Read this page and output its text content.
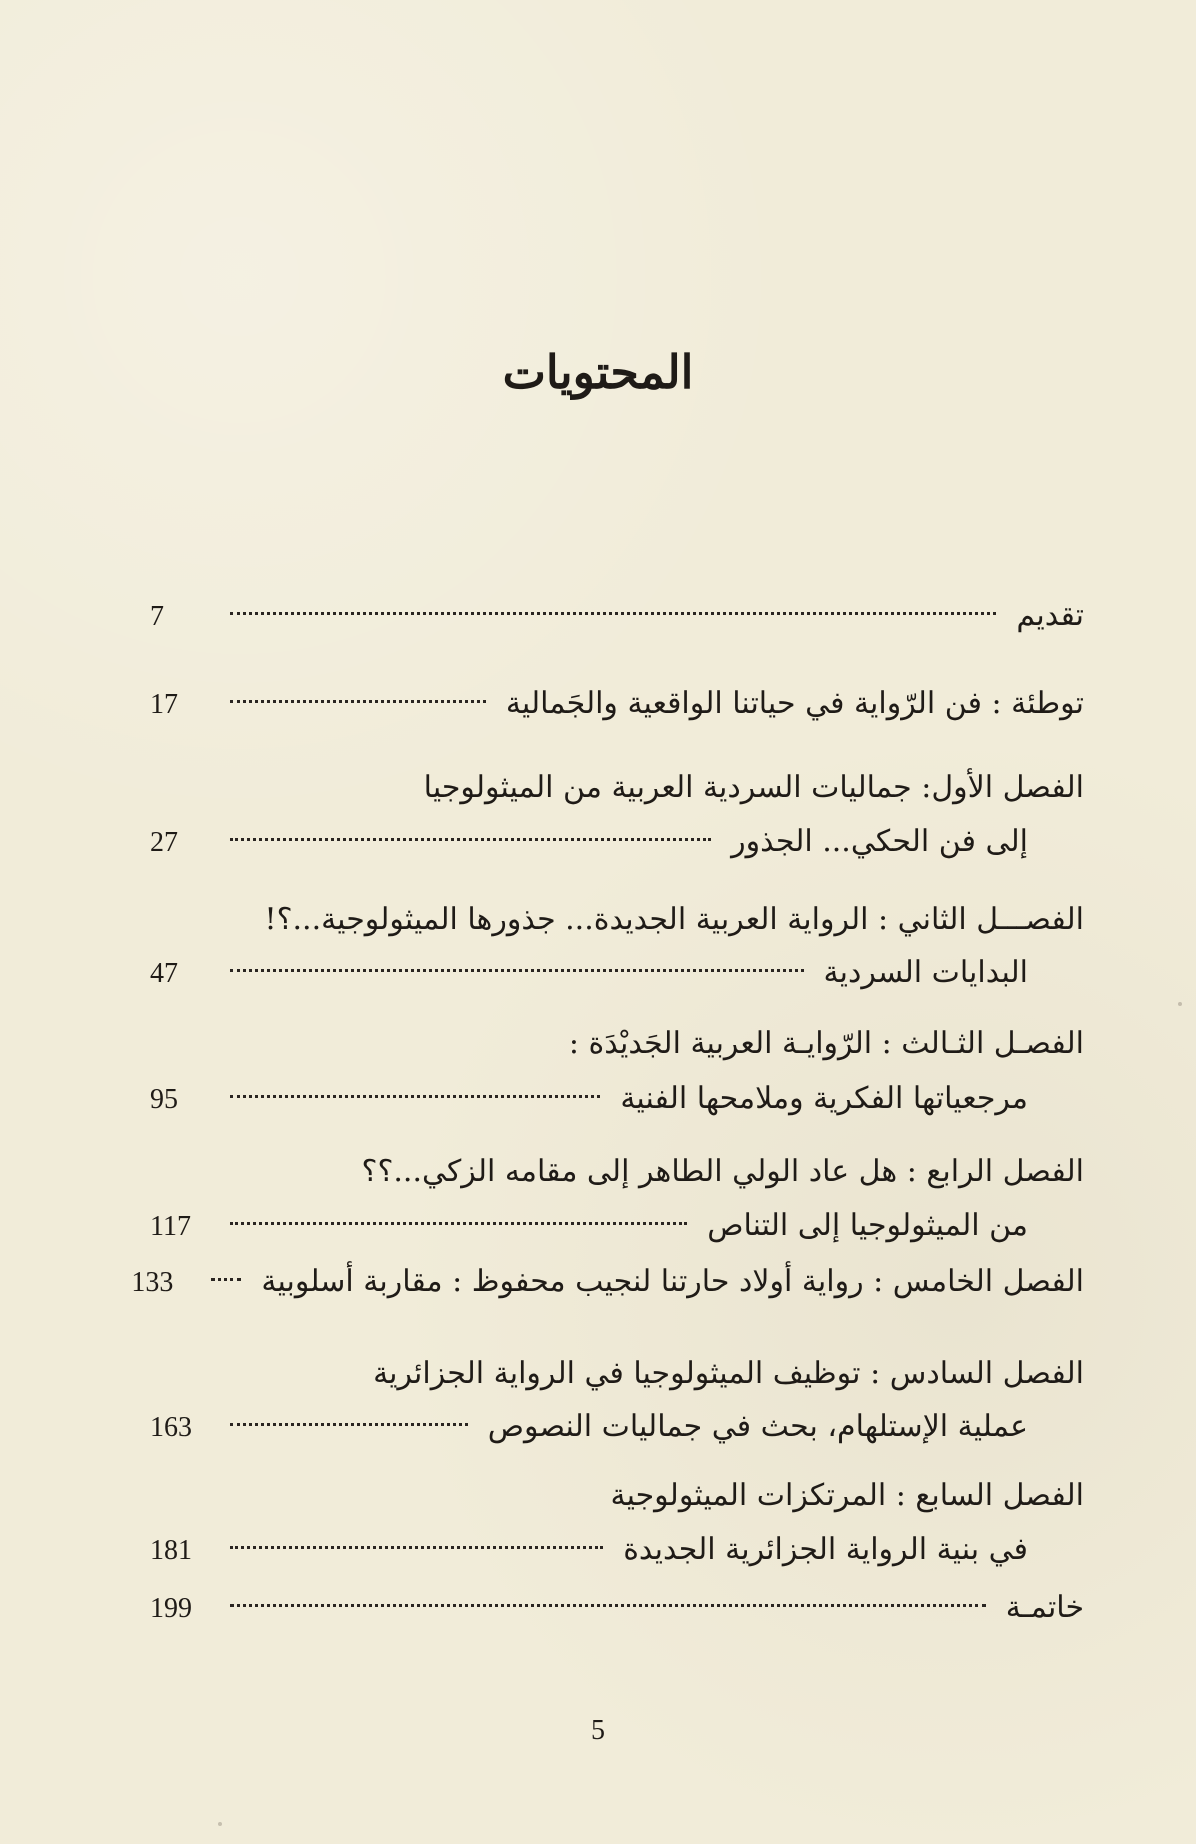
المحتويات
تقديم
7
توطئة : فن الرّواية في حياتنا الواقعية والجَمالية
17
الفصل الأول: جماليات السردية العربية من الميثولوجيا
إلى فن الحكي... الجذور
27
الفصـــل الثاني : الرواية العربية الجديدة... جذورها الميثولوجية...؟!
البدايات السردية
47
الفصـل الثـالث : الرّوايـة العربية الجَديْدَة :
مرجعياتها الفكرية وملامحها الفنية
95
الفصل الرابع : هل عاد الولي الطاهر إلى مقامه الزكي...؟؟
من الميثولوجيا إلى التناص
117
الفصل الخامس : رواية أولاد حارتنا لنجيب محفوظ : مقاربة أسلوبية
133
الفصل السادس : توظيف الميثولوجيا في الرواية الجزائرية
عملية الإستلهام، بحث في جماليات النصوص
163
الفصل السابع : المرتكزات الميثولوجية
في بنية الرواية الجزائرية الجديدة
181
خاتمـة
199
5
